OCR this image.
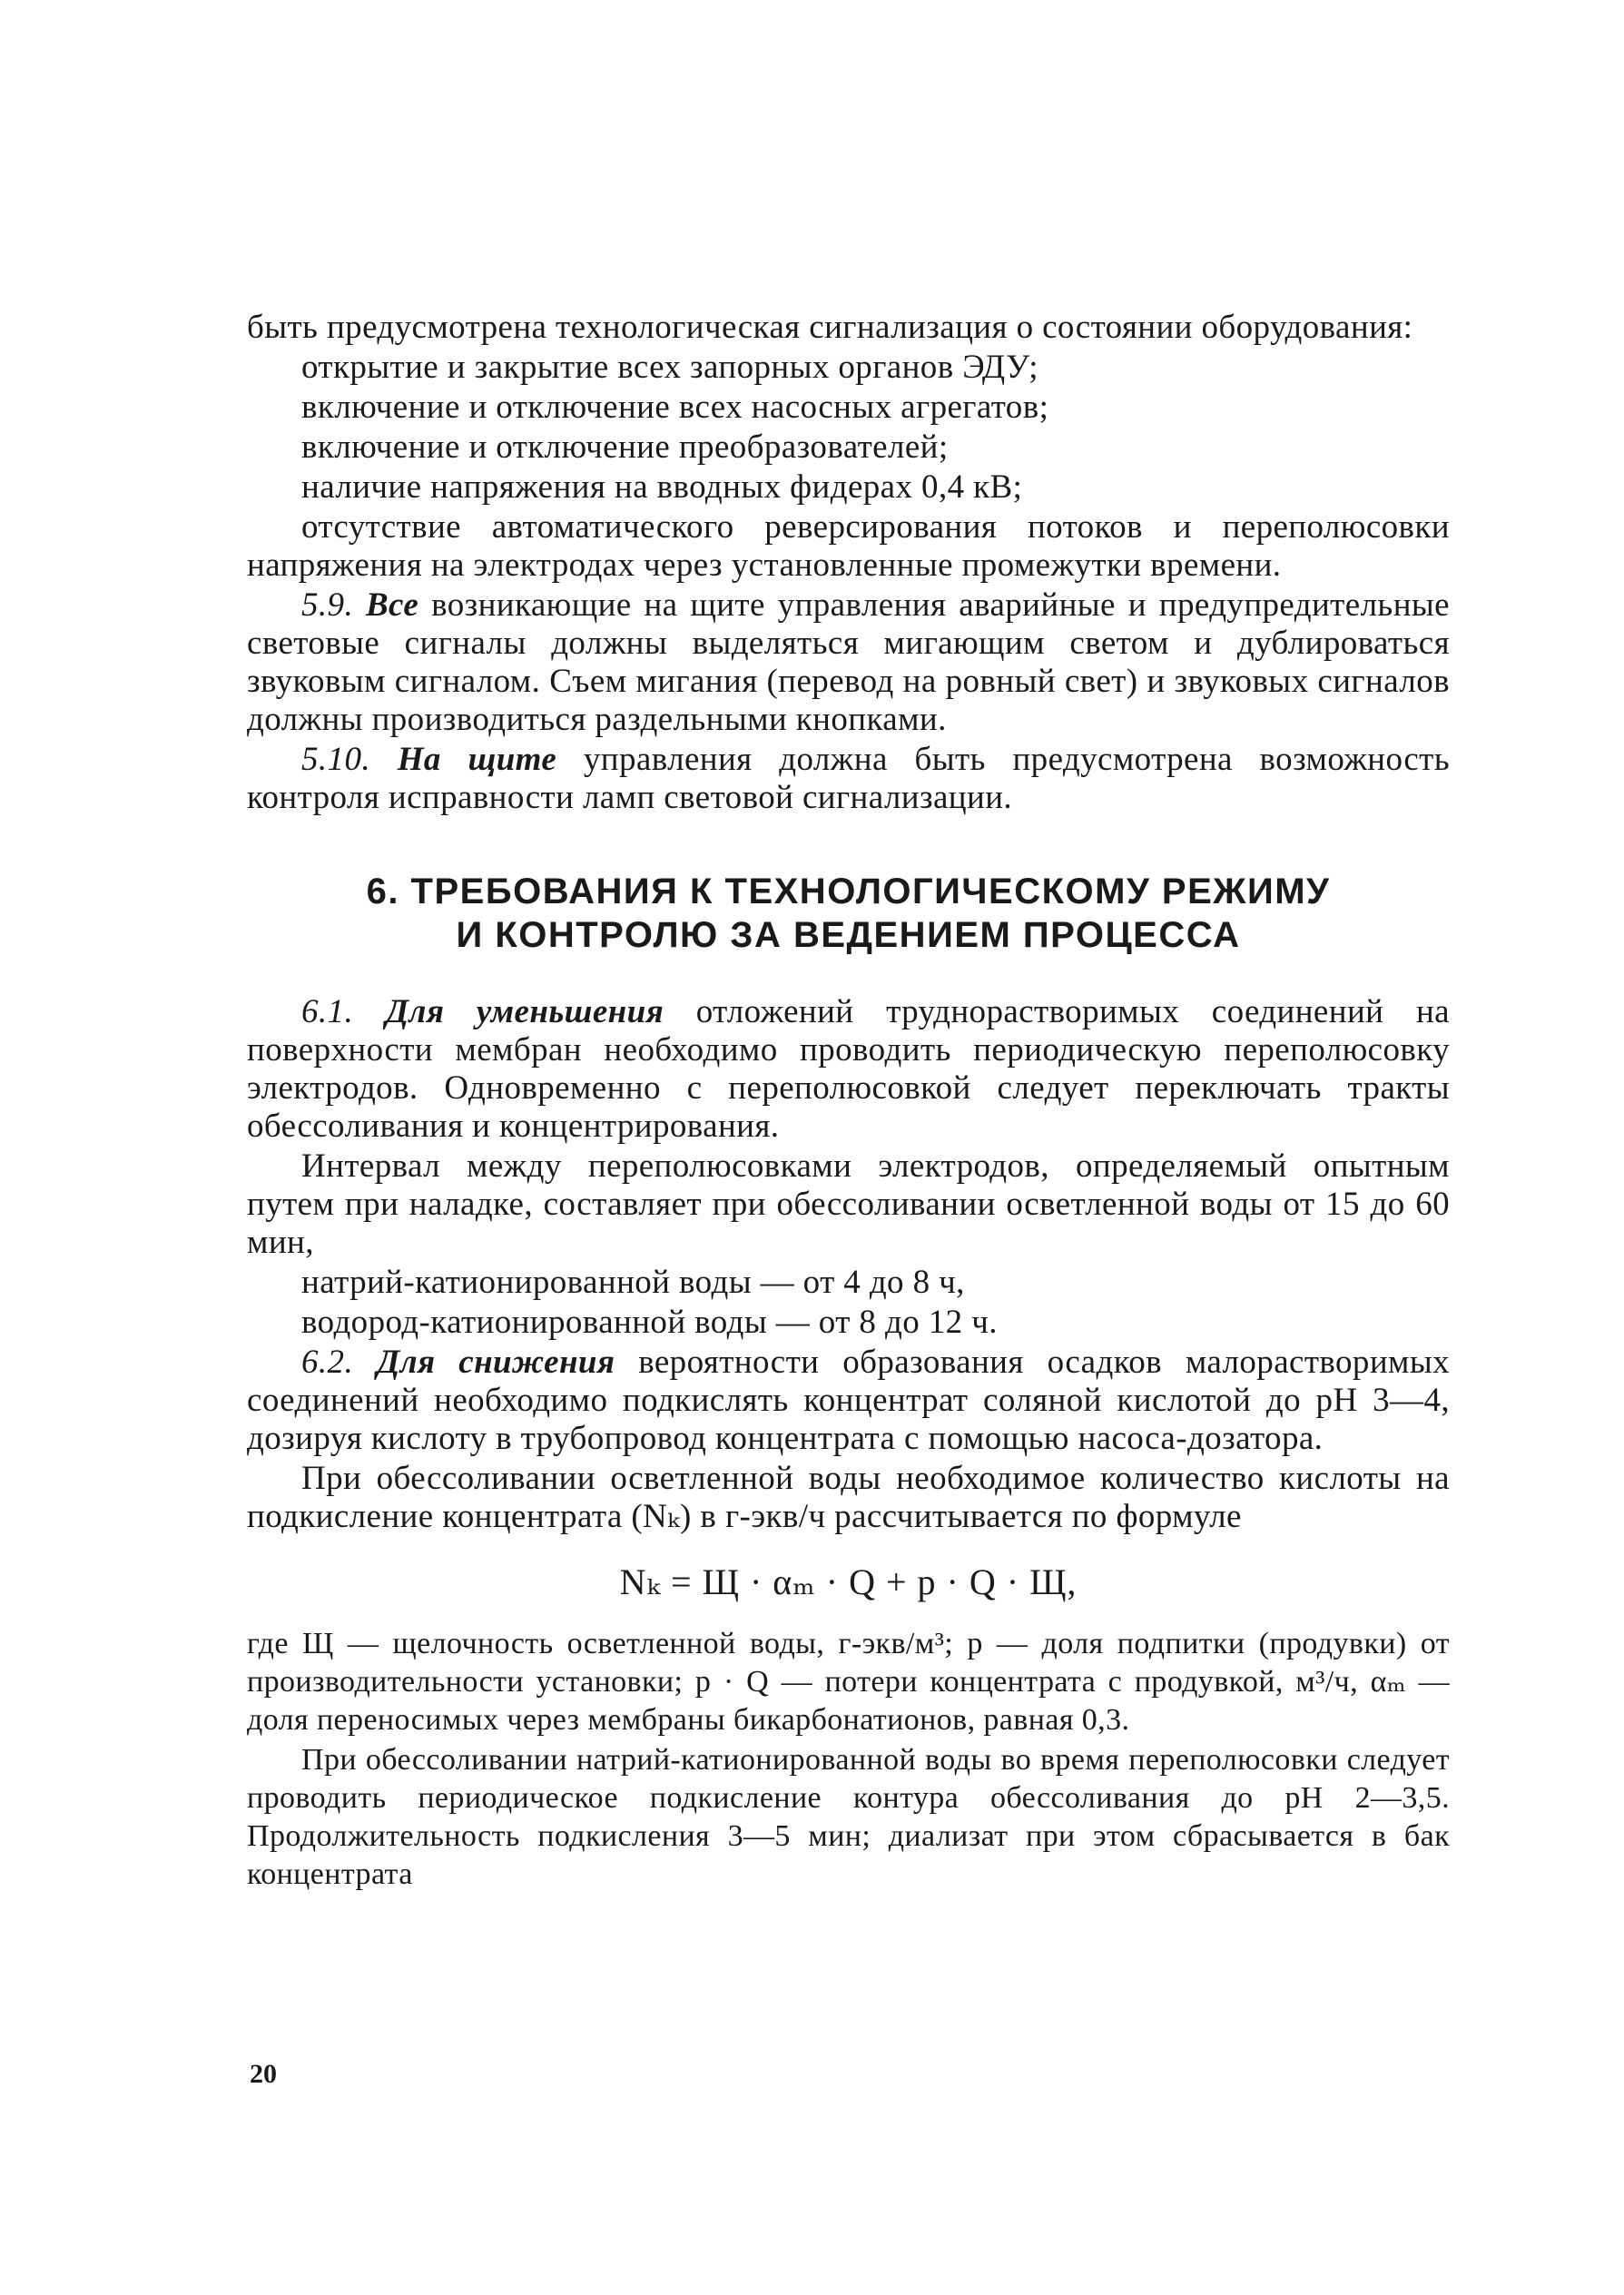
быть предусмотрена технологическая сигнализация о состоянии оборудования:

открытие и закрытие всех запорных органов ЭДУ;

включение и отключение всех насосных агрегатов;

включение и отключение преобразователей;

наличие напряжения на вводных фидерах 0,4 кВ;

отсутствие автоматического реверсирования потоков и переполюсовки напряжения на электродах через установленные промежутки времени.

5.9. Все возникающие на щите управления аварийные и предупредительные световые сигналы должны выделяться мигающим светом и дублироваться звуковым сигналом. Съем мигания (перевод на ровный свет) и звуковых сигналов должны производиться раздельными кнопками.

5.10. На щите управления должна быть предусмотрена возможность контроля исправности ламп световой сигнализации.

6. ТРЕБОВАНИЯ К ТЕХНОЛОГИЧЕСКОМУ РЕЖИМУ
И КОНТРОЛЮ ЗА ВЕДЕНИЕМ ПРОЦЕССА

6.1. Для уменьшения отложений труднорастворимых соединений на поверхности мембран необходимо проводить периодическую переполюсовку электродов. Одновременно с переполюсовкой следует переключать тракты обессоливания и концентрирования.

Интервал между переполюсовками электродов, определяемый опытным путем при наладке, составляет при обессоливании осветленной воды от 15 до 60 мин,

натрий-катионированной воды — от 4 до 8 ч,

водород-катионированной воды — от 8 до 12 ч.

6.2. Для снижения вероятности образования осадков малорастворимых соединений необходимо подкислять концентрат соляной кислотой до pH 3—4, дозируя кислоту в трубопровод концентрата с помощью насоса-дозатора.

При обессоливании осветленной воды необходимое количество кислоты на подкисление концентрата (Nₖ) в г-экв/ч рассчитывается по формуле

Nₖ = Щ · αₘ · Q + p · Q · Щ,

где Щ — щелочность осветленной воды, г-экв/м³; p — доля подпитки (продувки) от производительности установки; p · Q — потери концентрата с продувкой, м³/ч, αₘ — доля переносимых через мембраны бикарбонатионов, равная 0,3.

При обессоливании натрий-катионированной воды во время переполюсовки следует проводить периодическое подкисление контура обессоливания до pH 2—3,5. Продолжительность подкисления 3—5 мин; диализат при этом сбрасывается в бак концентрата

20
